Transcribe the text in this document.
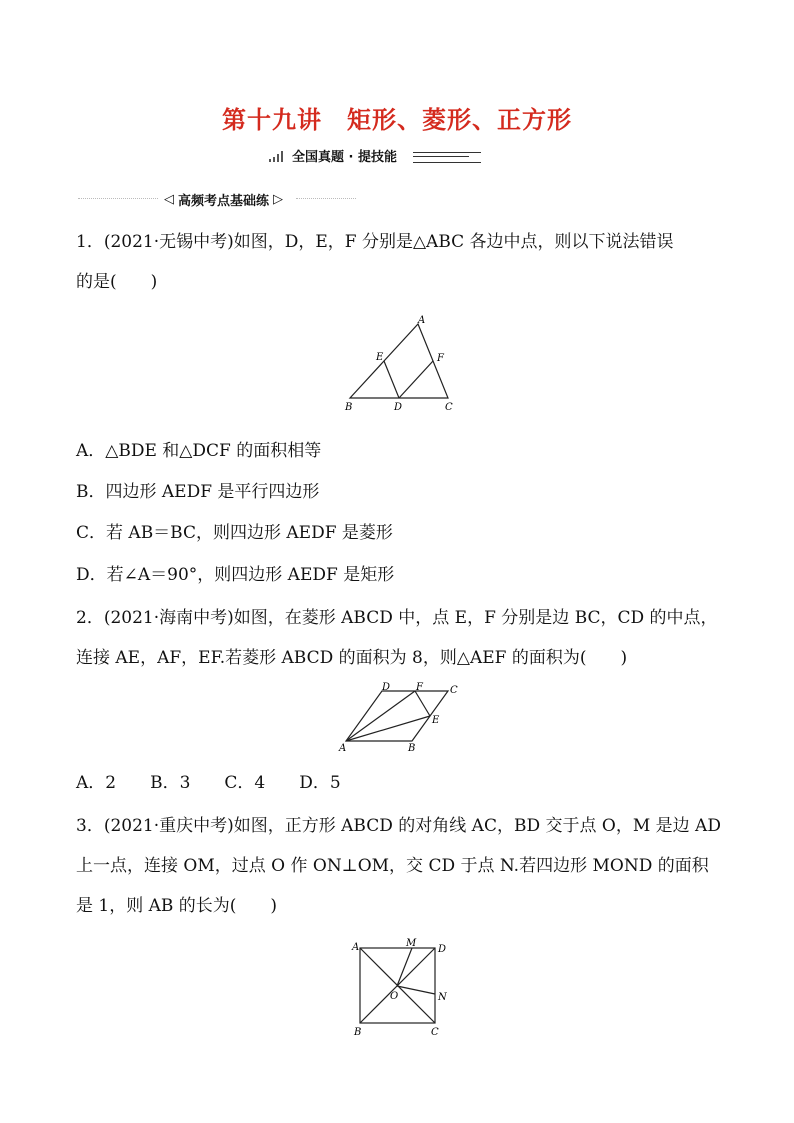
第十九讲　矩形、菱形、正方形
全国真题 · 提技能
◁ 高频考点基础练 ▷
1．(2021·无锡中考)如图，D，E，F 分别是△ABC 各边中点，则以下说法错误
的是(　　)
A
E	F
B	D	C
A．△BDE 和△DCF 的面积相等
B．四边形 AEDF 是平行四边形
C．若 AB＝BC，则四边形 AEDF 是菱形
D．若∠A＝90°，则四边形 AEDF 是矩形
2．(2021·海南中考)如图，在菱形 ABCD 中，点 E，F 分别是边 BC，CD 的中点，
连接 AE，AF，EF.若菱形 ABCD 的面积为 8，则△AEF 的面积为(　　)
D	F	C
E
A	B
A．2　　B．3　　C．4　　D．5
3．(2021·重庆中考)如图，正方形 ABCD 的对角线 AC，BD 交于点 O，M 是边 AD
上一点，连接 OM，过点 O 作 ON⊥OM，交 CD 于点 N.若四边形 MOND 的面积
是 1，则 AB 的长为(　　)
A	M
D
O	N
B	C
